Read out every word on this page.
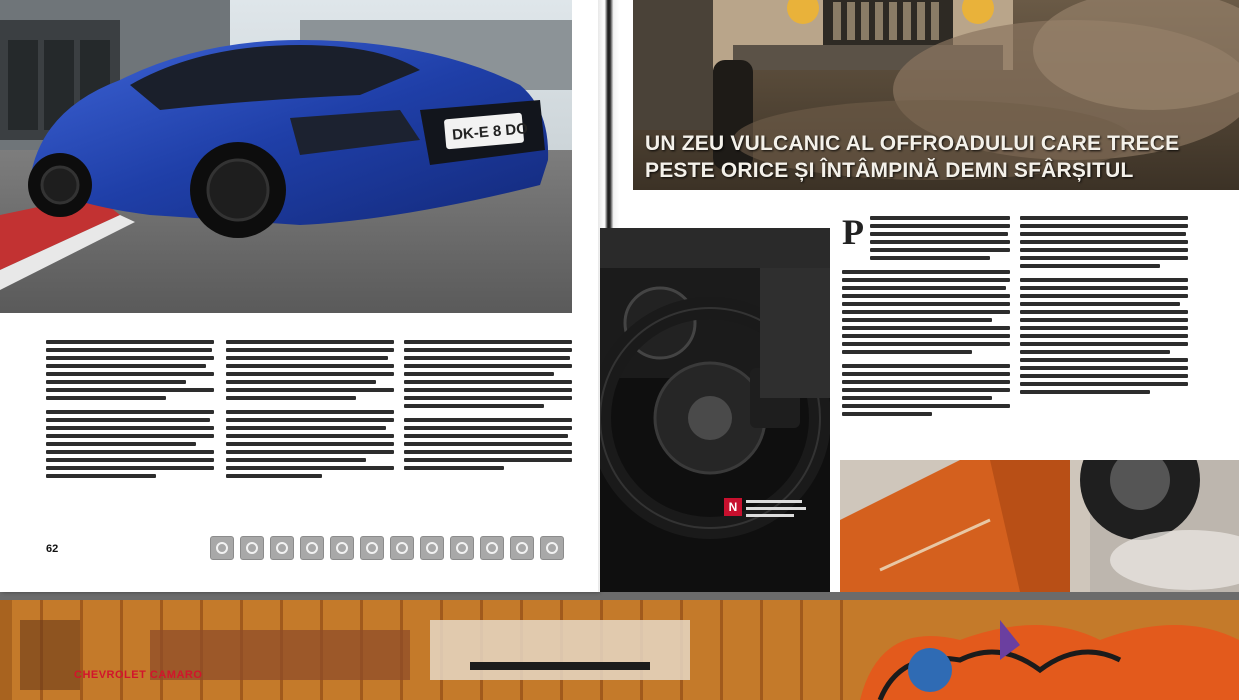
DK-E 8 DO
62
UN ZEU VULCANIC AL OFFROADULUI CARE TRECE PESTE ORICE ȘI ÎNTÂMPINĂ DEMN SFÂRȘITUL
N
P
CHEVROLET CAMARO
